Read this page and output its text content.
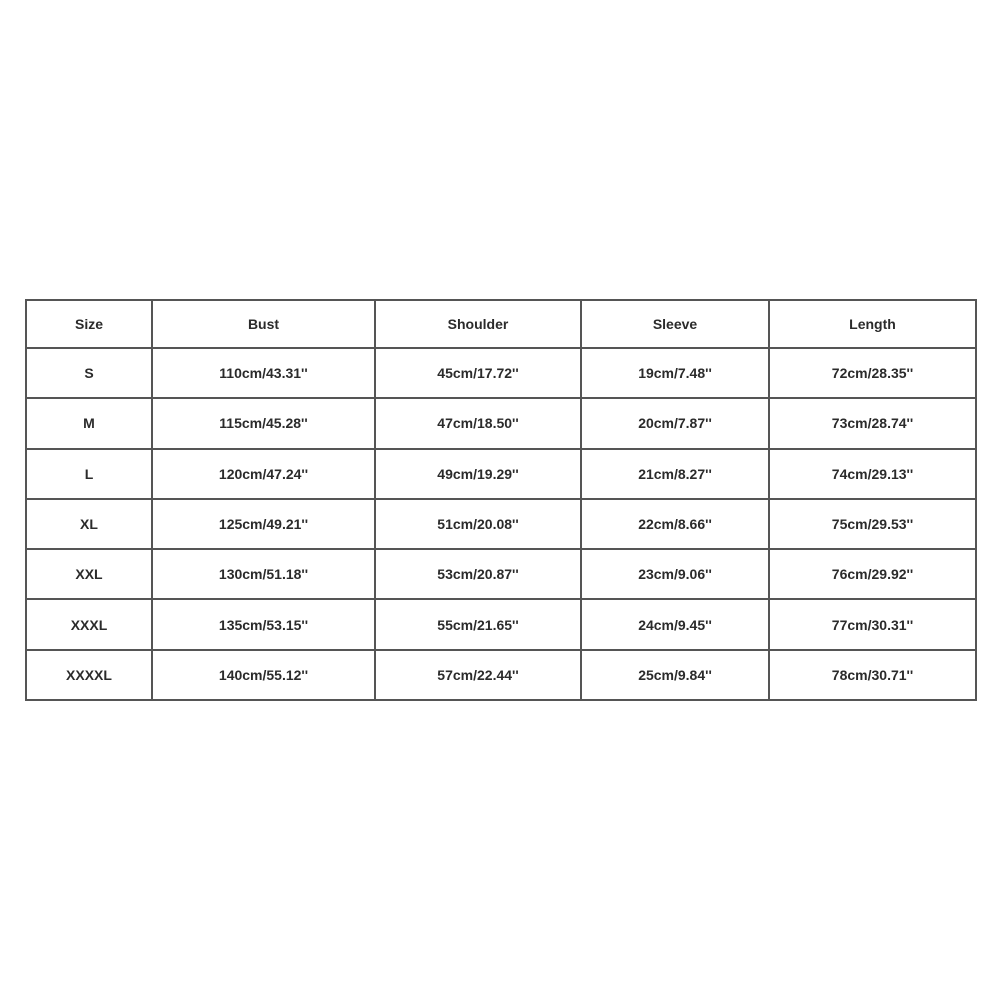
Size	Bust	Shoulder	Sleeve	Length
S	110cm/43.31''	45cm/17.72''	19cm/7.48''	72cm/28.35''
M	115cm/45.28''	47cm/18.50''	20cm/7.87''	73cm/28.74''
L	120cm/47.24''	49cm/19.29''	21cm/8.27''	74cm/29.13''
XL	125cm/49.21''	51cm/20.08''	22cm/8.66''	75cm/29.53''
XXL	130cm/51.18''	53cm/20.87''	23cm/9.06''	76cm/29.92''
XXXL	135cm/53.15''	55cm/21.65''	24cm/9.45''	77cm/30.31''
XXXXL	140cm/55.12''	57cm/22.44''	25cm/9.84''	78cm/30.71''
